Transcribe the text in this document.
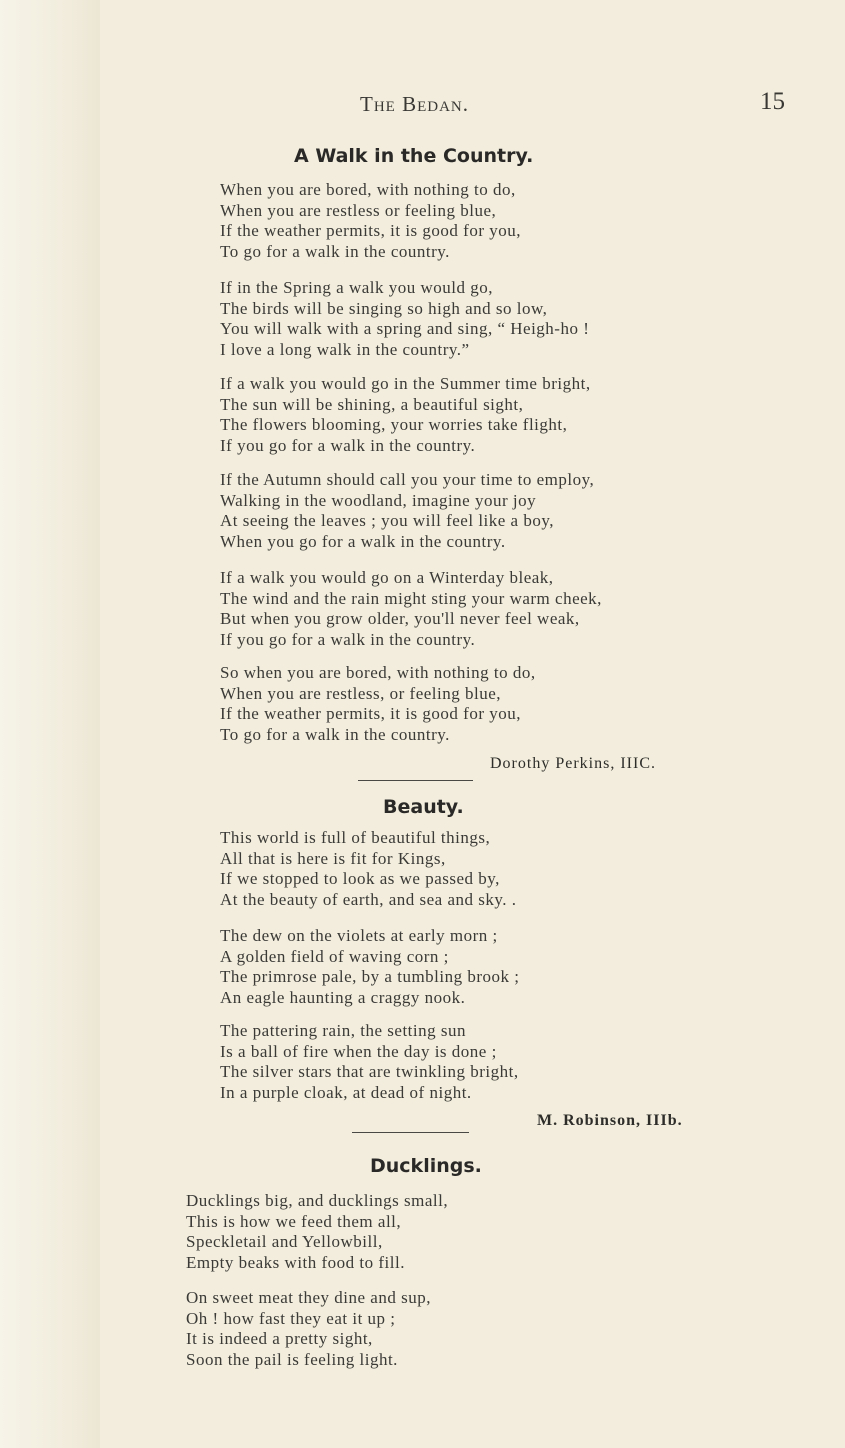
The Bedan.	15
A Walk in the Country.
When you are bored, with nothing to do,
When you are restless or feeling blue,
If the weather permits, it is good for you,
To go for a walk in the country.
If in the Spring a walk you would go,
The birds will be singing so high and so low,
You will walk with a spring and sing, “ Heigh-ho !
I love a long walk in the country.”
If a walk you would go in the Summer time bright,
The sun will be shining, a beautiful sight,
The flowers blooming, your worries take flight,
If you go for a walk in the country.
If the Autumn should call you your time to employ,
Walking in the woodland, imagine your joy
At seeing the leaves ; you will feel like a boy,
When you go for a walk in the country.
If a walk you would go on a Winterday bleak,
The wind and the rain might sting your warm cheek,
But when you grow older, you'll never feel weak,
If you go for a walk in the country.
So when you are bored, with nothing to do,
When you are restless, or feeling blue,
If the weather permits, it is good for you,
To go for a walk in the country.
Dorothy Perkins, IIIC.
Beauty.
This world is full of beautiful things,
All that is here is fit for Kings,
If we stopped to look as we passed by,
At the beauty of earth, and sea and sky. .
The dew on the violets at early morn ;
A golden field of waving corn ;
The primrose pale, by a tumbling brook ;
An eagle haunting a craggy nook.
The pattering rain, the setting sun
Is a ball of fire when the day is done ;
The silver stars that are twinkling bright,
In a purple cloak, at dead of night.
M. Robinson, IIIb.
Ducklings.
Ducklings big, and ducklings small,
This is how we feed them all,
Speckletail and Yellowbill,
Empty beaks with food to fill.
On sweet meat they dine and sup,
Oh ! how fast they eat it up ;
It is indeed a pretty sight,
Soon the pail is feeling light.
